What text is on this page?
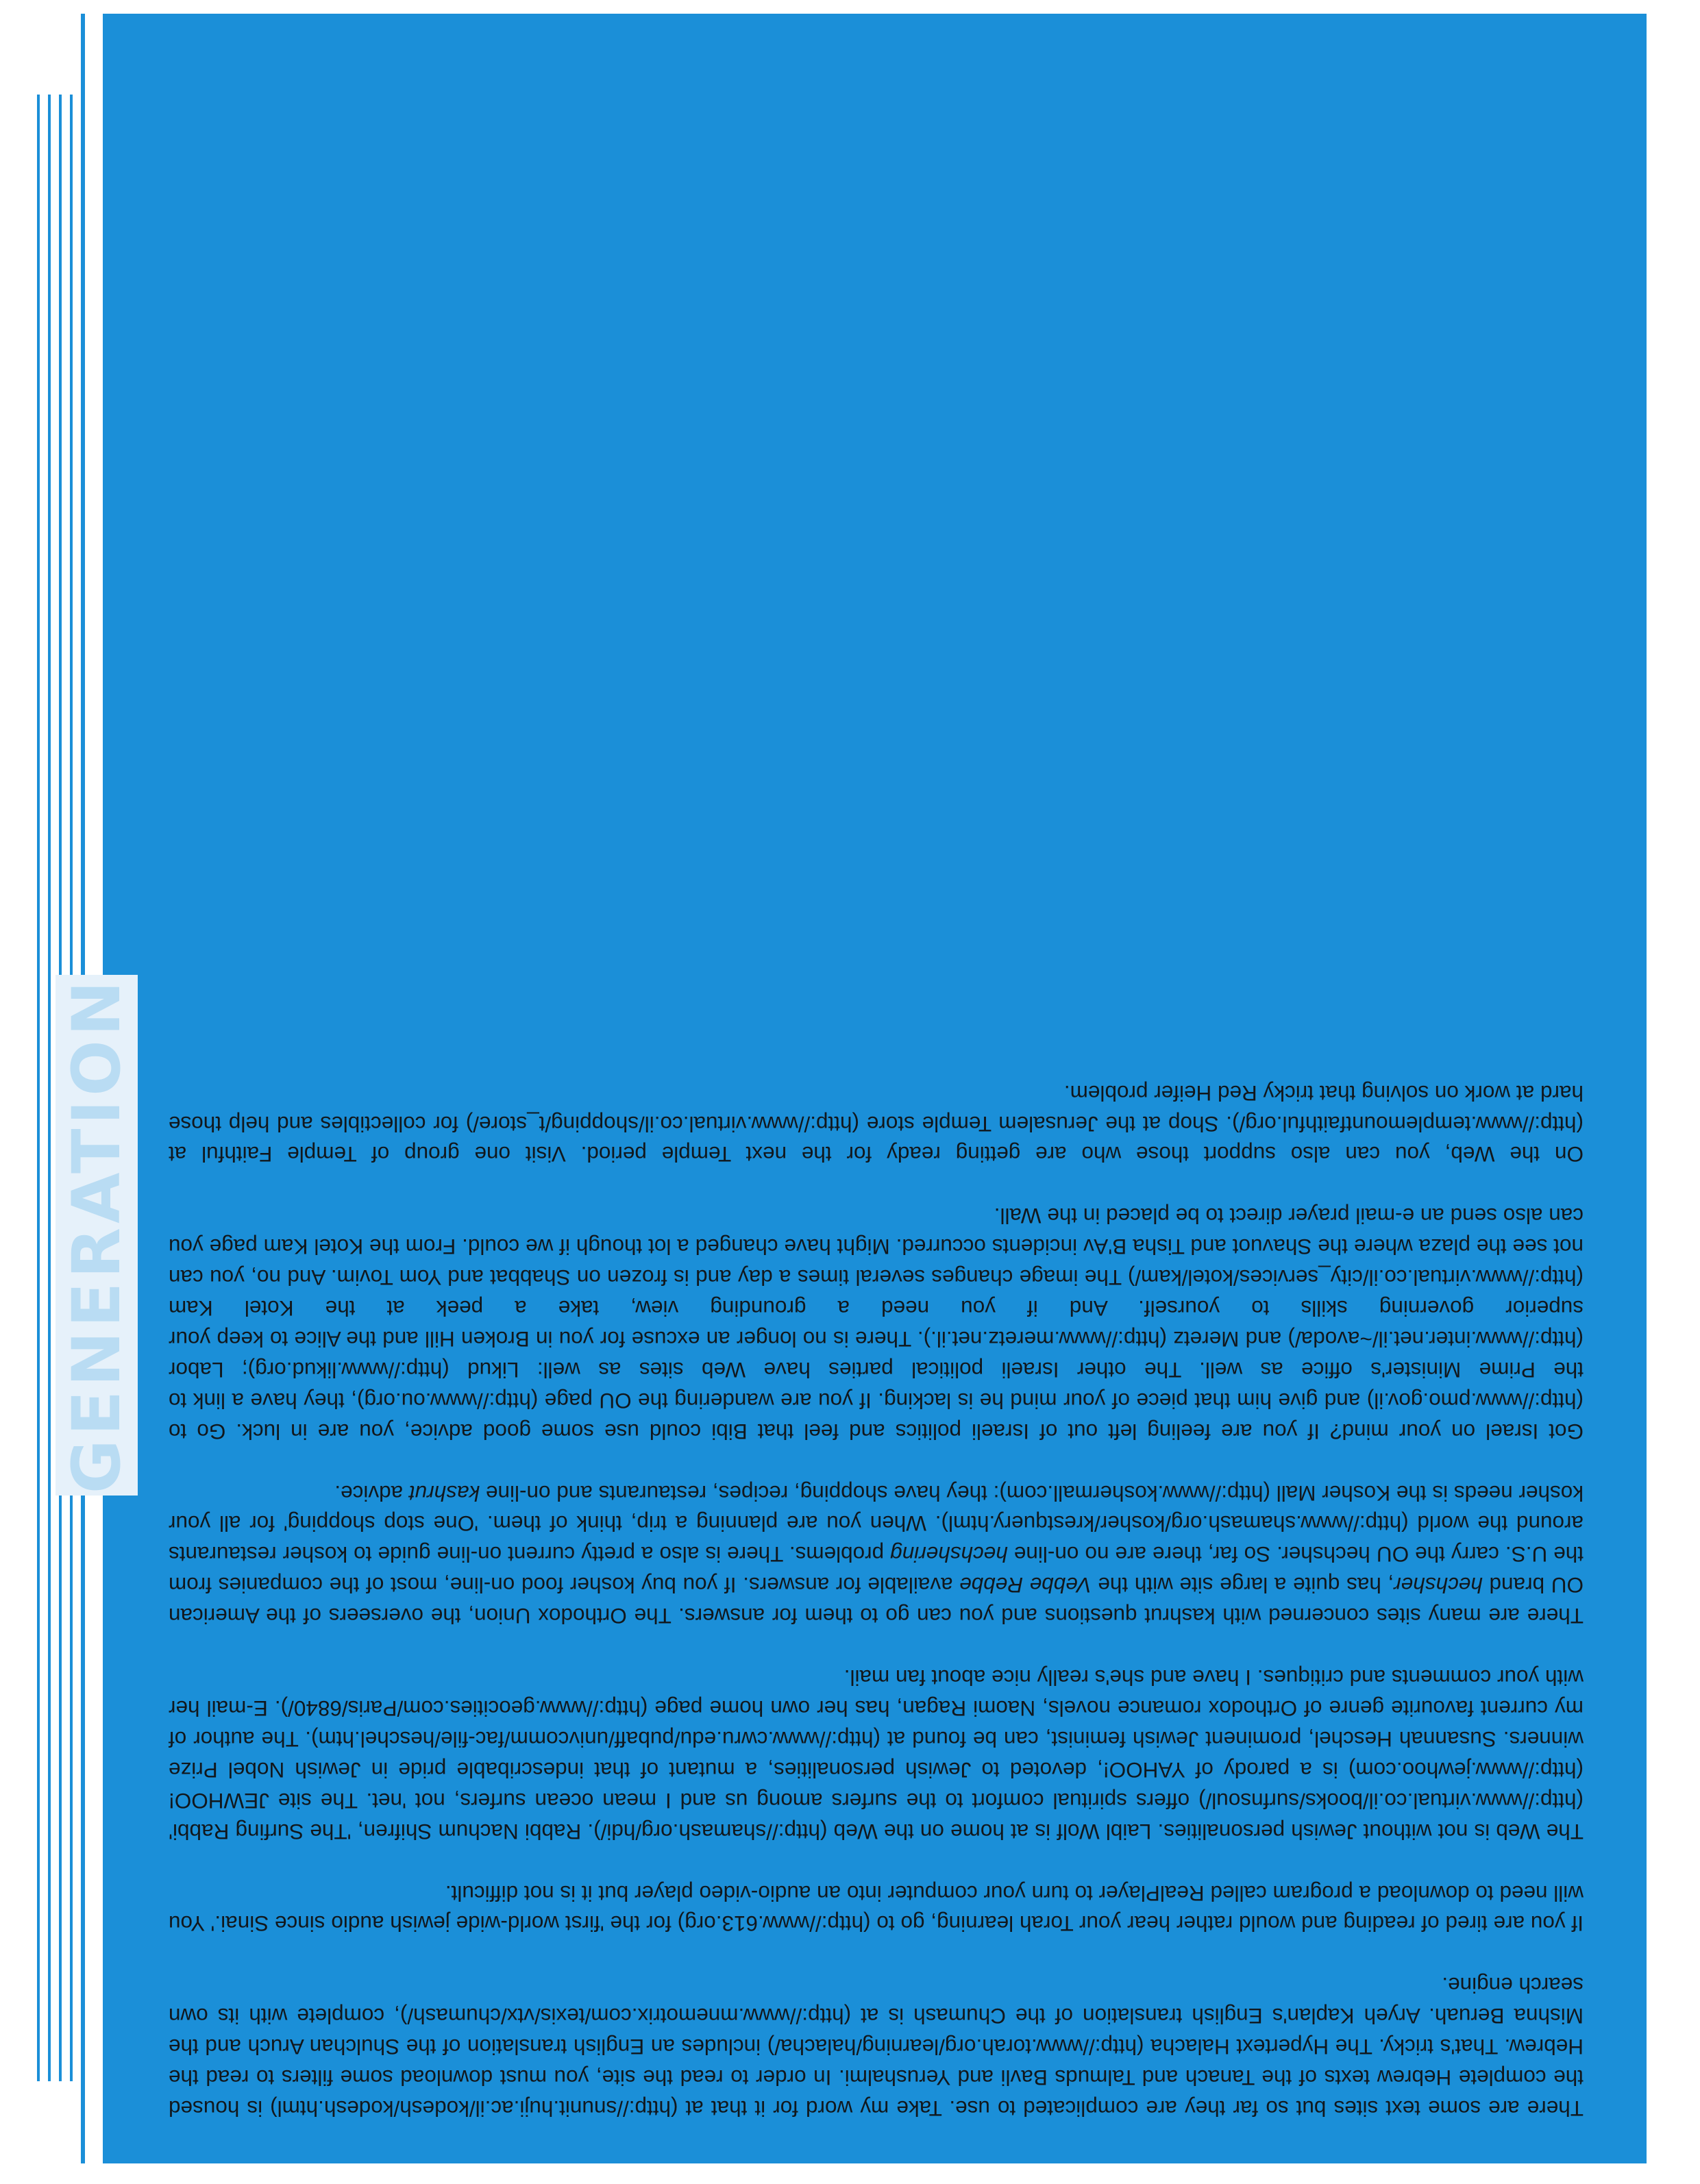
There are some text sites but so far they are complicated to use. Take my word for it that at (http://snunit.huji.ac.il/kodesh/kodesh.html) is housed the complete Hebrew texts of the Tanach and Talmuds Bavli and Yerushalmi. In order to read the site, you must download some filters to read the Hebrew. That's tricky. The Hypertext Halacha (http://www.torah.org/learning/halacha/) includes an English translation of the Shulchan Aruch and the Mishna Beruah. Aryeh Kaplan's English translation of the Chumash is at (http://www.mnemotrix.com/texis/vtx/chumash/), complete with its own search engine.

If you are tired of reading and would rather hear your Torah learning, go to (http://www.613.org) for the 'first world-wide jewish audio since Sinai.' You will need to download a program called RealPlayer to turn your computer into an audio-video player but it is not difficult.

The Web is not without Jewish personalities. Laibl Wolf is at home on the Web (http://shamash.org/hdi/). Rabbi Nachum Shifren, 'The Surfing Rabbi' (http://www.virtual.co.il/books/surfnsoul/) offers spiritual comfort to the surfers among us and I mean ocean surfers, not 'net. The site JEWHOO! (http://www.jewhoo.com) is a parody of YAHOO!, devoted to Jewish personalities, a mutant of that indescribable pride in Jewish Nobel Prize winners. Susannah Heschel, prominent Jewish feminist, can be found at (http://www.cwru.edu/pubaff/univcomm/fac-file/heschel.htm). The author of my current favourite genre of Orthodox romance novels, Naomi Ragan, has her own home page (http://www.geocities.com/Paris/6840/). E-mail her with your comments and critiques. I have and she's really nice about fan mail.

There are many sites concerned with kashrut questions and you can go to them for answers. The Orthodox Union, the overseers of the American OU brand hechsher, has quite a large site with the Vebbe Rebbe available for answers. If you buy kosher food on-line, most of the companies from the U.S. carry the OU hechsher. So far, there are no on-line hechshering problems. There is also a pretty current on-line guide to kosher restaurants around the world (http://www.shamash.org/kosher/krestquery.html). When you are planning a trip, think of them. 'One stop shopping' for all your kosher needs is the Kosher Mall (http://www.koshermall.com): they have shopping, recipes, restaurants and on-line kashrut advice.

Got Israel on your mind? If you are feeling left out of Israeli politics and feel that Bibi could use some good advice, you are in luck. Go to (http://www.pmo.gov.il) and give him that piece of your mind he is lacking. If you are wandering the OU page (http://www.ou.org), they have a link to the Prime Minister's office as well. The other Israeli political parties have Web sites as well: Likud (http://www.likud.org); Labor (http://www.inter.net.il/~avoda/) and Meretz (http://www.meretz.net.il.). There is no longer an excuse for you in Broken Hill and the Alice to keep your superior governing skills to yourself. And if you need a grounding view, take a peek at the Kotel Kam (http://www.virtual.co.il/city_services/kotel/kam/) The image changes several times a day and is frozen on Shabbat and Yom Tovim. And no, you can not see the plaza where the Shavuot and Tisha B'Av incidents occurred. Might have changed a lot though if we could. From the Kotel Kam page you can also send an e-mail prayer direct to be placed in the Wall.

On the Web, you can also support those who are getting ready for the next Temple period. Visit one group of Temple Faithful at (http://www.templemountfaithful.org/). Shop at the Jerusalem Temple store (http://www.virtual.co.il/shopping/t_store/) for collectibles and help those hard at work on solving that tricky Red Heifer problem.

GENERATION
